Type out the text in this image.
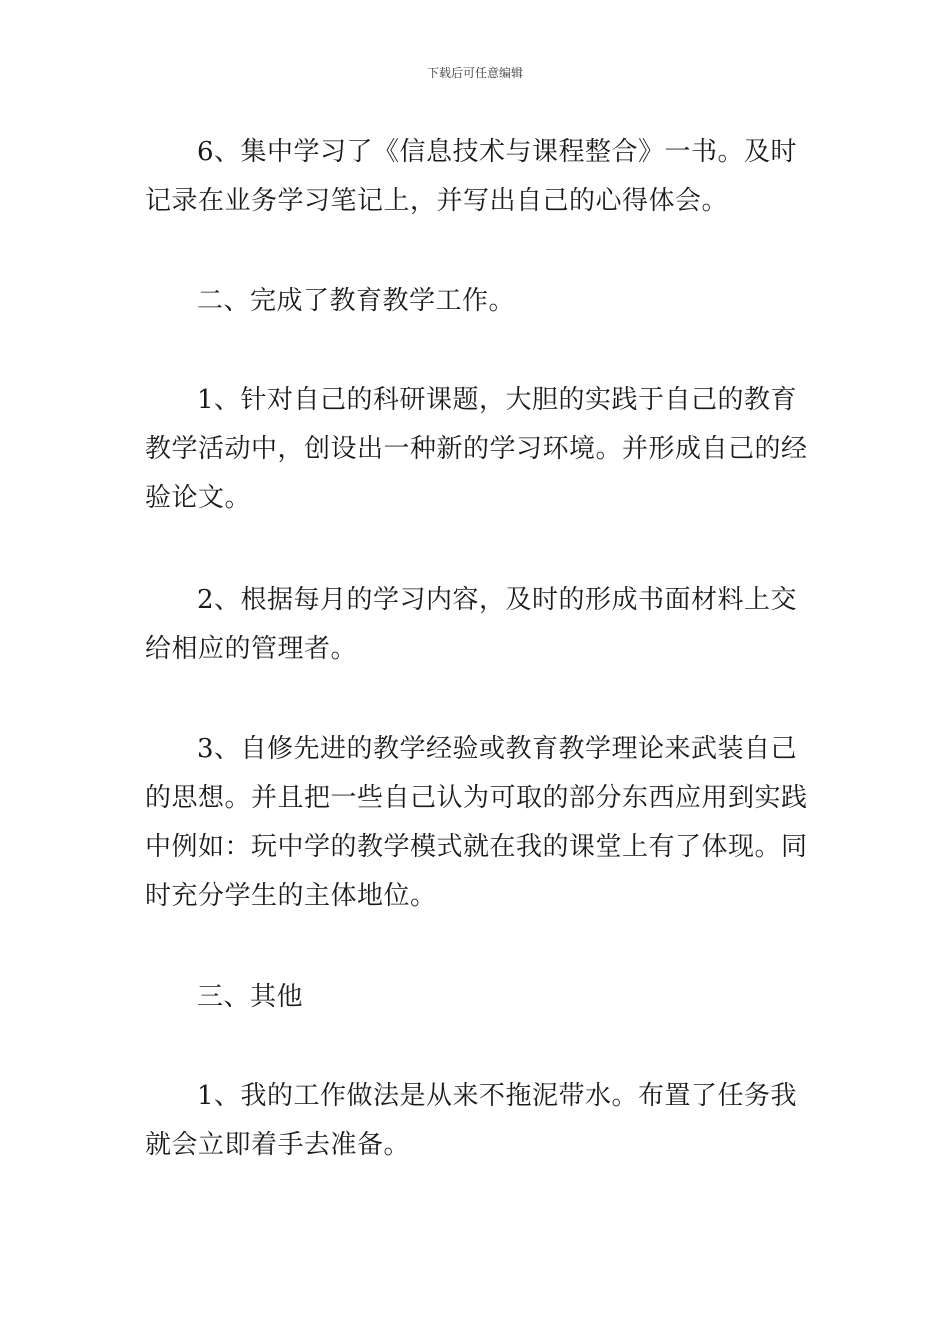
下载后可任意编辑

6、集中学习了《信息技术与课程整合》一书。及时记录在业务学习笔记上，并写出自己的心得体会。

二、完成了教育教学工作。

1、针对自己的科研课题，大胆的实践于自己的教育教学活动中，创设出一种新的学习环境。并形成自己的经验论文。

2、根据每月的学习内容，及时的形成书面材料上交给相应的管理者。

3、自修先进的教学经验或教育教学理论来武装自己的思想。并且把一些自己认为可取的部分东西应用到实践中例如：玩中学的教学模式就在我的课堂上有了体现。同时充分学生的主体地位。

三、其他

1、我的工作做法是从来不拖泥带水。布置了任务我就会立即着手去准备。
